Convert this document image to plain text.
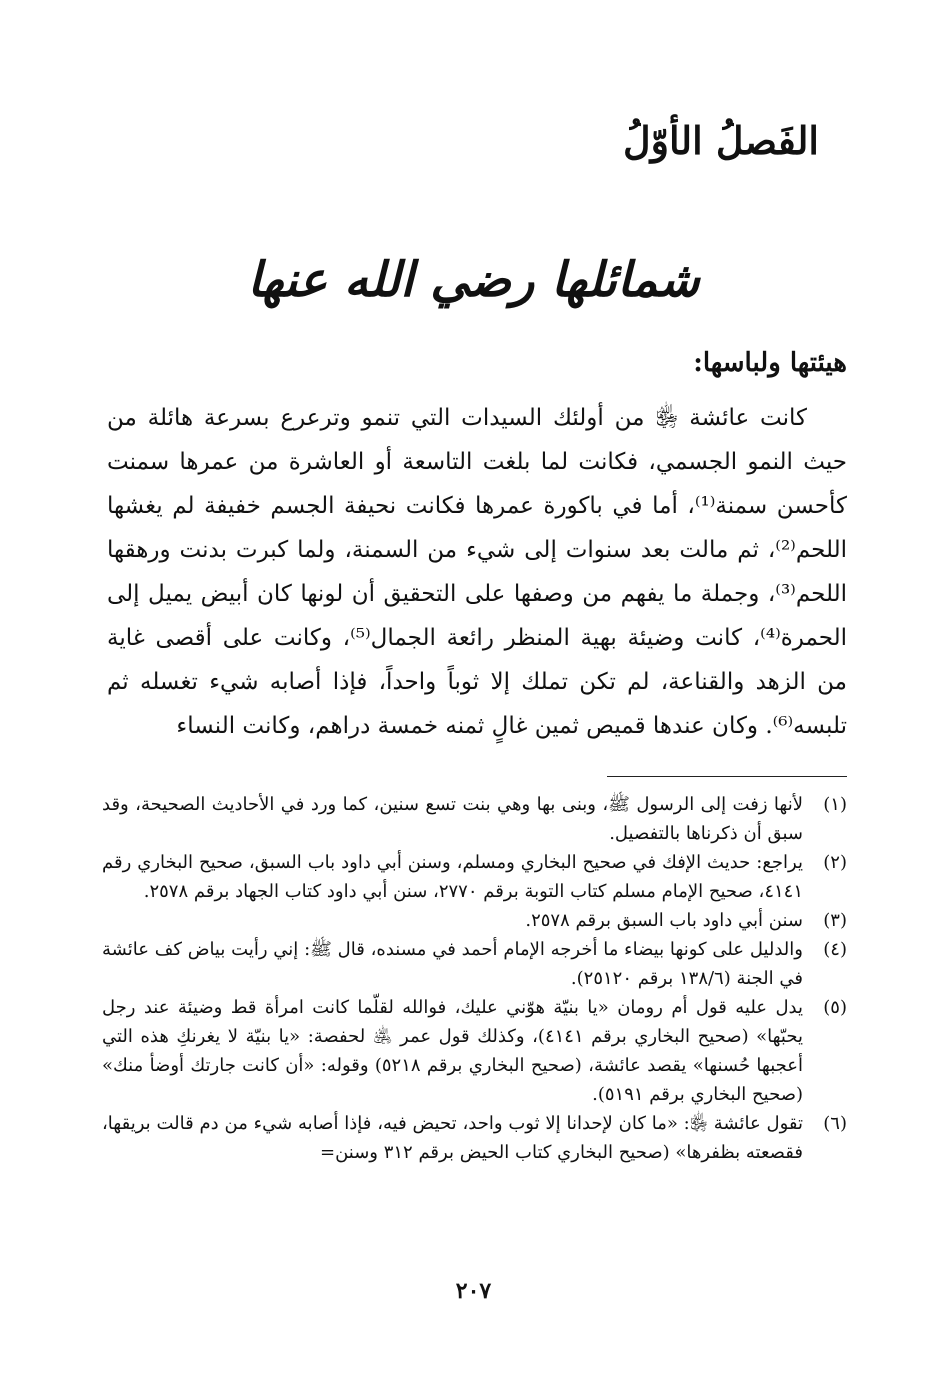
الفَصلُ الأوّلُ
شمائلها رضي الله عنها
هيئتها ولباسها:

كانت عائشة ﵂ من أولئك السيدات التي تنمو وترعرع بسرعة هائلة من حيث النمو الجسمي، فكانت لما بلغت التاسعة أو العاشرة من عمرها سمنت كأحسن سمنة⁽¹⁾، أما في باكورة عمرها فكانت نحيفة الجسم خفيفة لم يغشها اللحم⁽²⁾، ثم مالت بعد سنوات إلى شيء من السمنة، ولما كبرت بدنت ورهقها اللحم⁽³⁾، وجملة ما يفهم من وصفها على التحقيق أن لونها كان أبيض يميل إلى الحمرة⁽⁴⁾، كانت وضيئة بهية المنظر رائعة الجمال⁽⁵⁾، وكانت على أقصى غاية من الزهد والقناعة، لم تكن تملك إلا ثوباً واحداً، فإذا أصابه شيء تغسله ثم تلبسه⁽⁶⁾. وكان عندها قميص ثمين غالٍ ثمنه خمسة دراهم، وكانت النساء

(١)
لأنها زفت إلى الرسول ﷺ، وبنى بها وهي بنت تسع سنين، كما ورد في الأحاديث الصحيحة، وقد سبق أن ذكرناها بالتفصيل.
(٢)
يراجع: حديث الإفك في صحيح البخاري ومسلم، وسنن أبي داود باب السبق، صحيح البخاري رقم ٤١٤١، صحيح الإمام مسلم كتاب التوبة برقم ٢٧٧٠، سنن أبي داود كتاب الجهاد برقم ٢٥٧٨.
(٣)
سنن أبي داود باب السبق برقم ٢٥٧٨.
(٤)
والدليل على كونها بيضاء ما أخرجه الإمام أحمد في مسنده، قال ﷺ: إني رأيت بياض كف عائشة في الجنة (١٣٨/٦ برقم ٢٥١٢٠).
(٥)
يدل عليه قول أم رومان «يا بنيّة هوّني عليك، فوالله لقلّما كانت امرأة قط وضيئة عند رجل يحبّها» (صحيح البخاري برقم ٤١٤١)، وكذلك قول عمر ﵁ لحفصة: «يا بنيّة لا يغرنكِ هذه التي أعجبها حُسنها» يقصد عائشة، (صحيح البخاري برقم ٥٢١٨) وقوله: «أن كانت جارتك أوضأ منك» (صحيح البخاري برقم ٥١٩١).
(٦)
تقول عائشة ﵂: «ما كان لإحدانا إلا ثوب واحد، تحيض فيه، فإذا أصابه شيء من دم قالت بريقها، فقصعته بظفرها» (صحيح البخاري كتاب الحيض برقم ٣١٢ وسنن=
٢٠٧
